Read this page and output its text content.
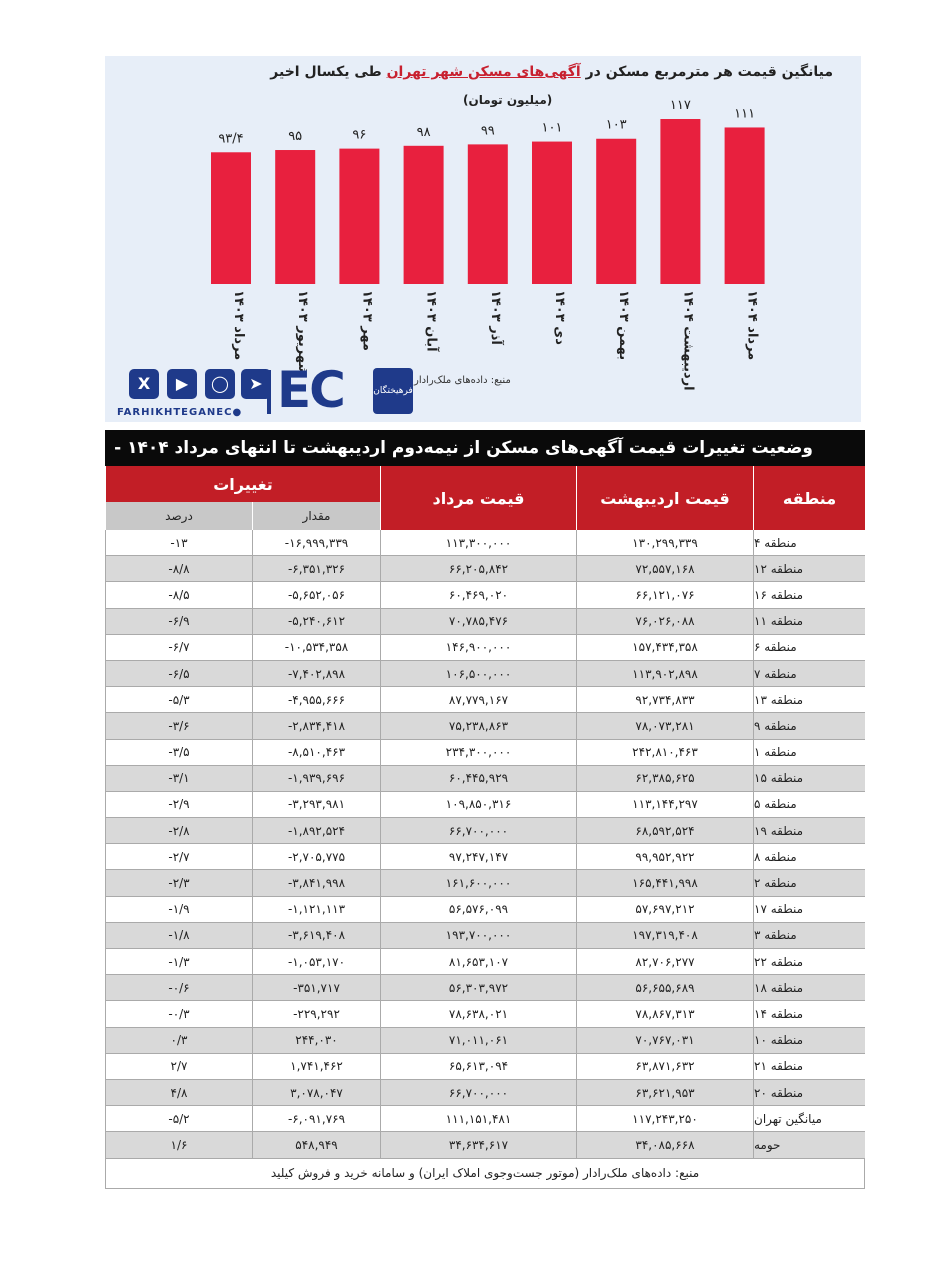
میانگین قیمت هر مترمربع مسکن در آگهی‌های مسکن شهر تهران طی یکسال اخیر
(میلیون تومان)
۹۳/۴
مرداد ۱۴۰۳
۹۵
شهریور ۱۴۰۳
۹۶
مهر ۱۴۰۳
۹۸
آبان ۱۴۰۳
۹۹
آذر ۱۴۰۳
۱۰۱
دی ۱۴۰۳
۱۰۳
بهمن ۱۴۰۳
۱۱۷
اردیبهشت ۱۴۰۴
۱۱۱
مرداد ۱۴۰۴
منبع: داده‌های ملک‌رادار
X	▶	◯	➤
FARHIKHTEGANEC● EC	فرهیختگان
وضعیت تغییرات قیمت آگهی‌های مسکن از نیمه‌دوم اردیبهشت تا انتهای مرداد ۱۴۰۴ -
تغییرات
قیمت مرداد	قیمت اردیبهشت	منطقه
درصد	مقدار
-۱۳	-۱۶,۹۹۹,۳۳۹	۱۱۳,۳۰۰,۰۰۰	۱۳۰,۲۹۹,۳۳۹	منطقه ۴
-۸/۸	-۶,۳۵۱,۳۲۶	۶۶,۲۰۵,۸۴۲	۷۲,۵۵۷,۱۶۸	منطقه ۱۲
-۸/۵	-۵,۶۵۲,۰۵۶	۶۰,۴۶۹,۰۲۰	۶۶,۱۲۱,۰۷۶	منطقه ۱۶
-۶/۹	-۵,۲۴۰,۶۱۲	۷۰,۷۸۵,۴۷۶	۷۶,۰۲۶,۰۸۸	منطقه ۱۱
-۶/۷	-۱۰,۵۳۴,۳۵۸	۱۴۶,۹۰۰,۰۰۰	۱۵۷,۴۳۴,۳۵۸	منطقه ۶
-۶/۵	-۷,۴۰۲,۸۹۸	۱۰۶,۵۰۰,۰۰۰	۱۱۳,۹۰۲,۸۹۸	منطقه ۷
-۵/۳	-۴,۹۵۵,۶۶۶	۸۷,۷۷۹,۱۶۷	۹۲,۷۳۴,۸۳۳	منطقه ۱۳
-۳/۶	-۲,۸۳۴,۴۱۸	۷۵,۲۳۸,۸۶۳	۷۸,۰۷۳,۲۸۱	منطقه ۹
-۳/۵	-۸,۵۱۰,۴۶۳	۲۳۴,۳۰۰,۰۰۰	۲۴۲,۸۱۰,۴۶۳	منطقه ۱
-۳/۱	-۱,۹۳۹,۶۹۶	۶۰,۴۴۵,۹۲۹	۶۲,۳۸۵,۶۲۵	منطقه ۱۵
-۲/۹	-۳,۲۹۳,۹۸۱	۱۰۹,۸۵۰,۳۱۶	۱۱۳,۱۴۴,۲۹۷	منطقه ۵
-۲/۸	-۱,۸۹۲,۵۲۴	۶۶,۷۰۰,۰۰۰	۶۸,۵۹۲,۵۲۴	منطقه ۱۹
-۲/۷	-۲,۷۰۵,۷۷۵	۹۷,۲۴۷,۱۴۷	۹۹,۹۵۲,۹۲۲	منطقه ۸
-۲/۳	-۳,۸۴۱,۹۹۸	۱۶۱,۶۰۰,۰۰۰	۱۶۵,۴۴۱,۹۹۸	منطقه ۲
-۱/۹	-۱,۱۲۱,۱۱۳	۵۶,۵۷۶,۰۹۹	۵۷,۶۹۷,۲۱۲	منطقه ۱۷
-۱/۸	-۳,۶۱۹,۴۰۸	۱۹۳,۷۰۰,۰۰۰	۱۹۷,۳۱۹,۴۰۸	منطقه ۳
-۱/۳	-۱,۰۵۳,۱۷۰	۸۱,۶۵۳,۱۰۷	۸۲,۷۰۶,۲۷۷	منطقه ۲۲
-۰/۶	-۳۵۱,۷۱۷	۵۶,۳۰۳,۹۷۲	۵۶,۶۵۵,۶۸۹	منطقه ۱۸
-۰/۳	-۲۲۹,۲۹۲	۷۸,۶۳۸,۰۲۱	۷۸,۸۶۷,۳۱۳	منطقه ۱۴
۰/۳	۲۴۴,۰۳۰	۷۱,۰۱۱,۰۶۱	۷۰,۷۶۷,۰۳۱	منطقه ۱۰
۲/۷	۱,۷۴۱,۴۶۲	۶۵,۶۱۳,۰۹۴	۶۳,۸۷۱,۶۳۲	منطقه ۲۱
۴/۸	۳,۰۷۸,۰۴۷	۶۶,۷۰۰,۰۰۰	۶۳,۶۲۱,۹۵۳	منطقه ۲۰
-۵/۲	-۶,۰۹۱,۷۶۹	۱۱۱,۱۵۱,۴۸۱	۱۱۷,۲۴۳,۲۵۰	میانگین تهران
۱/۶	۵۴۸,۹۴۹	۳۴,۶۳۴,۶۱۷	۳۴,۰۸۵,۶۶۸	حومه
منبع: داده‌های ملک‌رادار (موتور جست‌وجوی املاک ایران) و سامانه خرید و فروش کیلید
